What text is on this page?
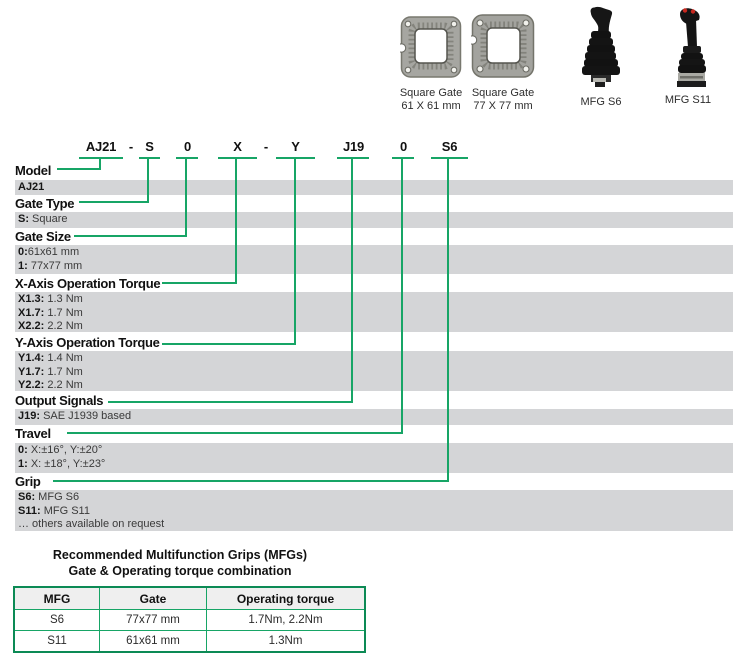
Square Gate
61 X 61 mm
Square Gate
77 X 77 mm	MFG S6	MFG S11
AJ21 - S	0	X	-	Y	J19	0	S6
Model
Gate Type
Gate Size
X-Axis Operation Torque
Y-Axis Operation Torque
Output Signals
Travel
Grip
AJ21
S: Square
0:61x61 mm
1: 77x77 mm
X1.3: 1.3 Nm
X1.7: 1.7 Nm
X2.2: 2.2 Nm
Y1.4: 1.4 Nm
Y1.7: 1.7 Nm
Y2.2: 2.2 Nm
J19: SAE J1939 based
0: X:±16°, Y:±20°
1: X: ±18°, Y:±23°
S6: MFG S6
S11: MFG S11
… others available on request
Recommended Multifunction Grips (MFGs)
Gate & Operating torque combination
MFG	Gate	Operating torque
S6	77x77 mm	1.7Nm, 2.2Nm
S11	61x61 mm	1.3Nm
